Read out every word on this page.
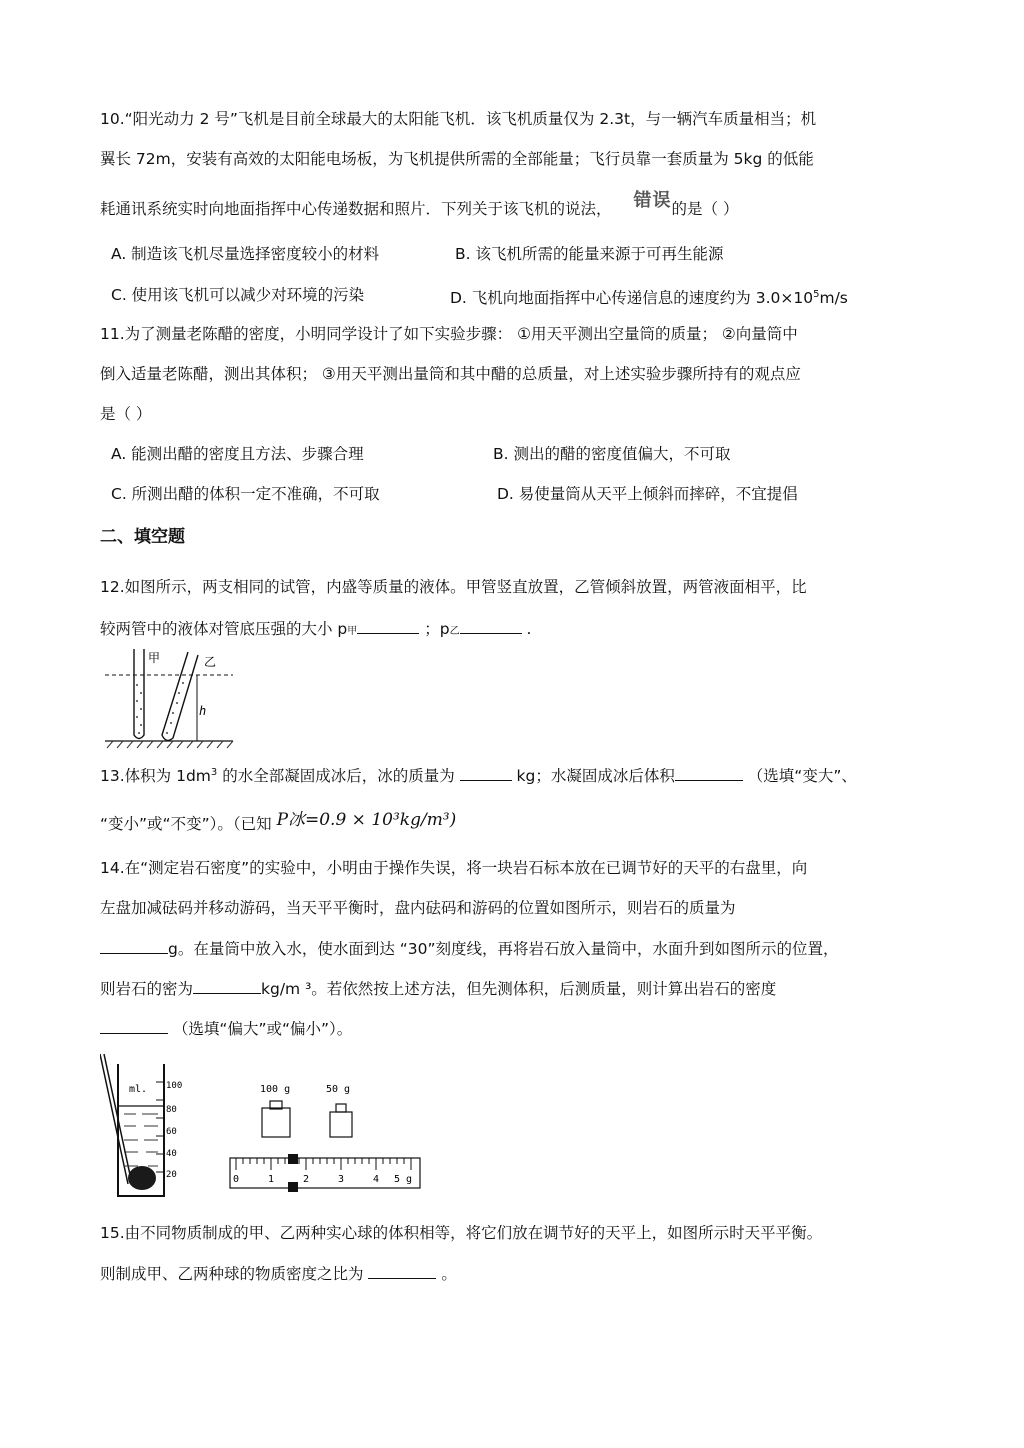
10.“阳光动力 2 号”飞机是目前全球最大的太阳能飞机．该飞机质量仅为 2.3t，与一辆汽车质量相当；机
翼长 72m，安装有高效的太阳能电场板，为飞机提供所需的全部能量；飞行员靠一套质量为 5kg 的低能
耗通讯系统实时向地面指挥中心传递数据和照片．下列关于该飞机的说法， 错误的是（ ）
A. 制造该飞机尽量选择密度较小的材料	B. 该飞机所需的能量来源于可再生能源
C. 使用该飞机可以减少对环境的污染	D. 飞机向地面指挥中心传递信息的速度约为 $3.0\times 10^5m/s$
11.为了测量老陈醋的密度，小明同学设计了如下实验步骤： ①用天平测出空量筒的质量； ②向量筒中
倒入适量老陈醋，测出其体积； ③用天平测出量筒和其中醋的总质量，对上述实验步骤所持有的观点应
是（ ）
A. 能测出醋的密度且方法、步骤合理	B. 测出的醋的密度值偏大，不可取
C. 所测出醋的体积一定不准确，不可取	D. 易使量筒从天平上倾斜而摔碎，不宜提倡
二、填空题
12.如图所示，两支相同的试管，内盛等质量的液体。甲管竖直放置，乙管倾斜放置，两管液面相平，比
较两管中的液体对管底压强的大小 p甲	；p乙	.
甲	乙
h
13.体积为 $1dm^3$ 的水全部凝固成冰后，冰的质量为	kg；水凝固成冰后体积	（选填“变大”、
“变小”或“不变”）。（已知 P冰=0.9 × 10³kg/m³)
14.在“测定岩石密度”的实验中，小明由于操作失误，将一块岩石标本放在已调节好的天平的右盘里，向
左盘加减砝码并移动游码，当天平平衡时，盘内砝码和游码的位置如图所示，则岩石的质量为
g。在量筒中放入水，使水面到达 “30”刻度线，再将岩石放入量筒中，水面升到如图所示的位置，
则岩石的密为	kg/m ³。若依然按上述方法，但先测体积，后测质量，则计算出岩石的密度
（选填“偏大”或“偏小”）。
ml. 100
80
60
40
20
100 g	50 g
0	1	2	3	4 5 g
15.由不同物质制成的甲、乙两种实心球的体积相等，将它们放在调节好的天平上，如图所示时天平平衡。
则制成甲、乙两种球的物质密度之比为	。
